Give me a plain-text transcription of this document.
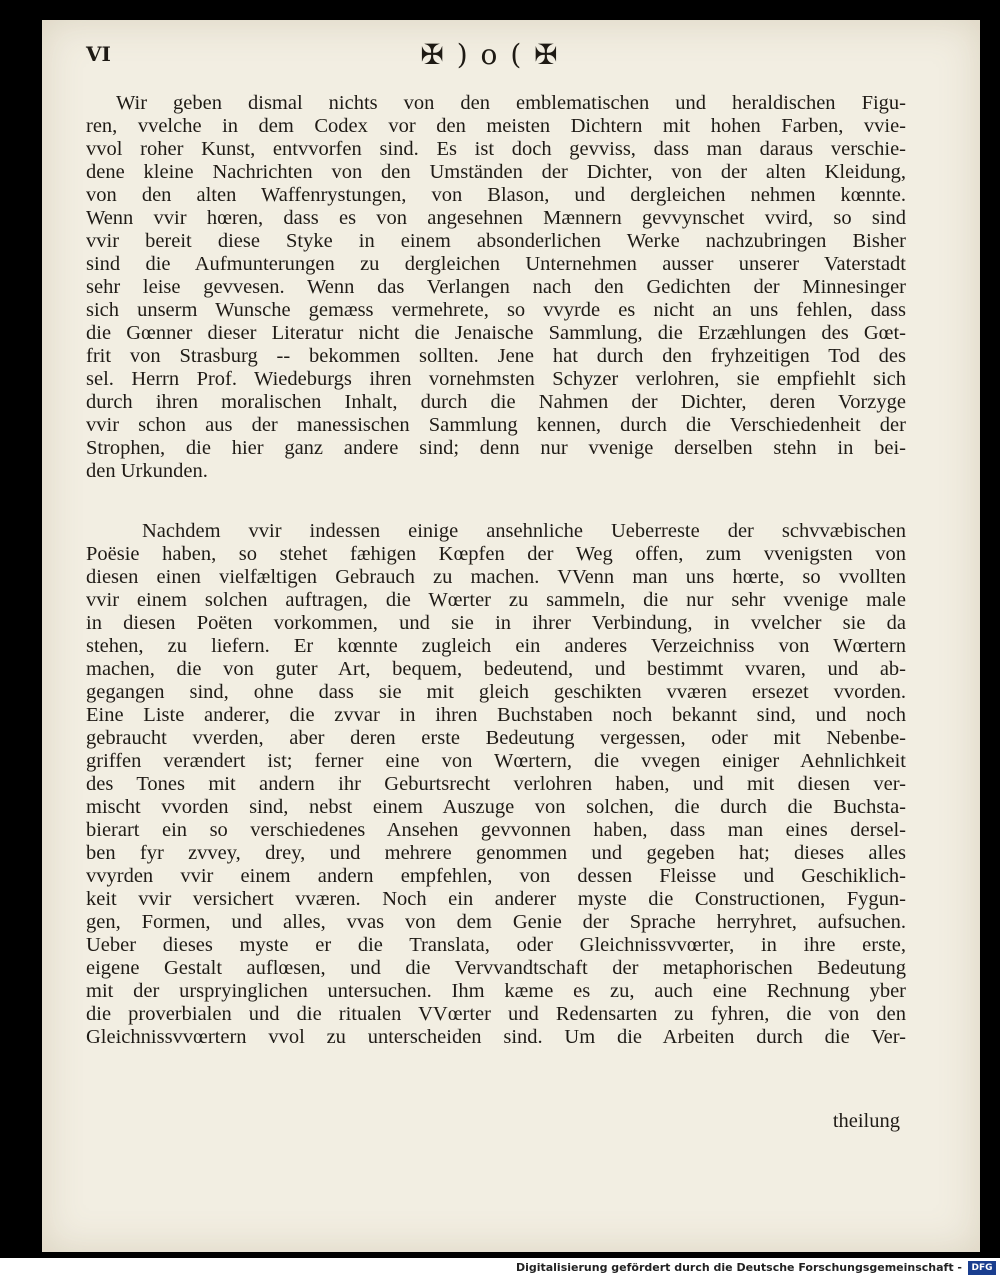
VI	✠ ) o ( ✠
Wir geben dismal nichts von den emblematischen und heraldischen Figu-
ren, vvelche in dem Codex vor den meisten Dichtern mit hohen Farben, vvie-
vvol roher Kunst, entvvorfen sind. Es ist doch gevviss, dass man daraus verschie-
dene kleine Nachrichten von den Umständen der Dichter, von der alten Kleidung,
von den alten Waffenrystungen, von Blason, und dergleichen nehmen kœnnte.
Wenn vvir hœren, dass es von angesehnen Mænnern gevvynschet vvird, so sind
vvir bereit diese Styke in einem absonderlichen Werke nachzubringen Bisher
sind die Aufmunterungen zu dergleichen Unternehmen ausser unserer Vaterstadt
sehr leise gevvesen. Wenn das Verlangen nach den Gedichten der Minnesinger
sich unserm Wunsche gemæss vermehrete, so vvyrde es nicht an uns fehlen, dass
die Gœnner dieser Literatur nicht die Jenaische Sammlung, die Erzæhlungen des Gœt-
frit von Strasburg -- bekommen sollten. Jene hat durch den fryhzeitigen Tod des
sel. Herrn Prof. Wiedeburgs ihren vornehmsten Schyzer verlohren, sie empfiehlt sich
durch ihren moralischen Inhalt, durch die Nahmen der Dichter, deren Vorzyge
vvir schon aus der manessischen Sammlung kennen, durch die Verschiedenheit der
Strophen, die hier ganz andere sind; denn nur vvenige derselben stehn in bei-
den Urkunden.
Nachdem vvir indessen einige ansehnliche Ueberreste der schvvæbischen
Poësie haben, so stehet fæhigen Kœpfen der Weg offen, zum vvenigsten von
diesen einen vielfæltigen Gebrauch zu machen. VVenn man uns hœrte, so vvollten
vvir einem solchen auftragen, die Wœrter zu sammeln, die nur sehr vvenige male
in diesen Poëten vorkommen, und sie in ihrer Verbindung, in vvelcher sie da
stehen, zu liefern. Er kœnnte zugleich ein anderes Verzeichniss von Wœrtern
machen, die von guter Art, bequem, bedeutend, und bestimmt vvaren, und ab-
gegangen sind, ohne dass sie mit gleich geschikten vværen ersezet vvorden.
Eine Liste anderer, die zvvar in ihren Buchstaben noch bekannt sind, und noch
gebraucht vverden, aber deren erste Bedeutung vergessen, oder mit Nebenbe-
griffen verændert ist; ferner eine von Wœrtern, die vvegen einiger Aehnlichkeit
des Tones mit andern ihr Geburtsrecht verlohren haben, und mit diesen ver-
mischt vvorden sind, nebst einem Auszuge von solchen, die durch die Buchsta-
bierart ein so verschiedenes Ansehen gevvonnen haben, dass man eines dersel-
ben fyr zvvey, drey, und mehrere genommen und gegeben hat; dieses alles
vvyrden vvir einem andern empfehlen, von dessen Fleisse und Geschiklich-
keit vvir versichert vværen. Noch ein anderer myste die Constructionen, Fygun-
gen, Formen, und alles, vvas von dem Genie der Sprache herryhret, aufsuchen.
Ueber dieses myste er die Translata, oder Gleichnissvvœrter, in ihre erste,
eigene Gestalt auflœsen, und die Vervvandtschaft der metaphorischen Bedeutung
mit der urspryinglichen untersuchen. Ihm kæme es zu, auch eine Rechnung yber
die proverbialen und die ritualen VVœrter und Redensarten zu fyhren, die von den
Gleichnissvvœrtern vvol zu unterscheiden sind. Um die Arbeiten durch die Ver-
theilung
Digitalisierung gefördert durch die Deutsche Forschungsgemeinschaft -	DFG
